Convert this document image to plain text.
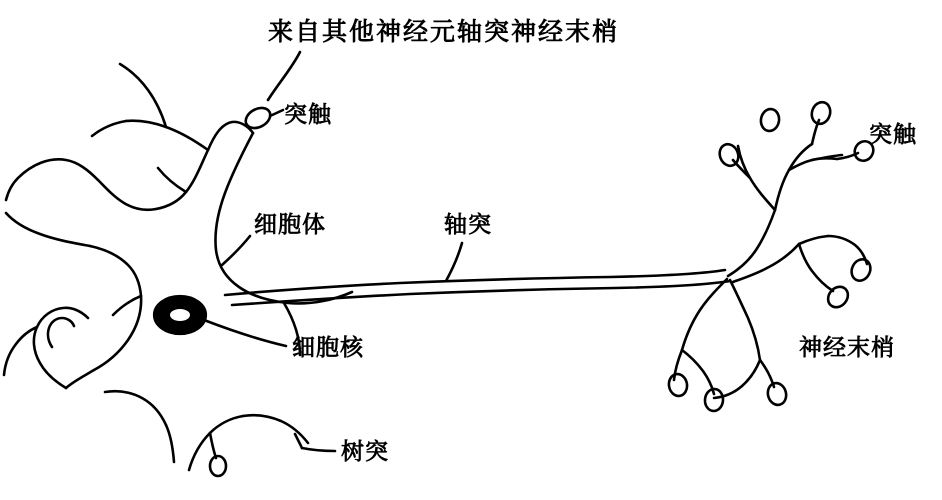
来自其他神经元轴突神经末梢
突触
细胞体	轴突
突触
细胞核	神经末梢
树突
